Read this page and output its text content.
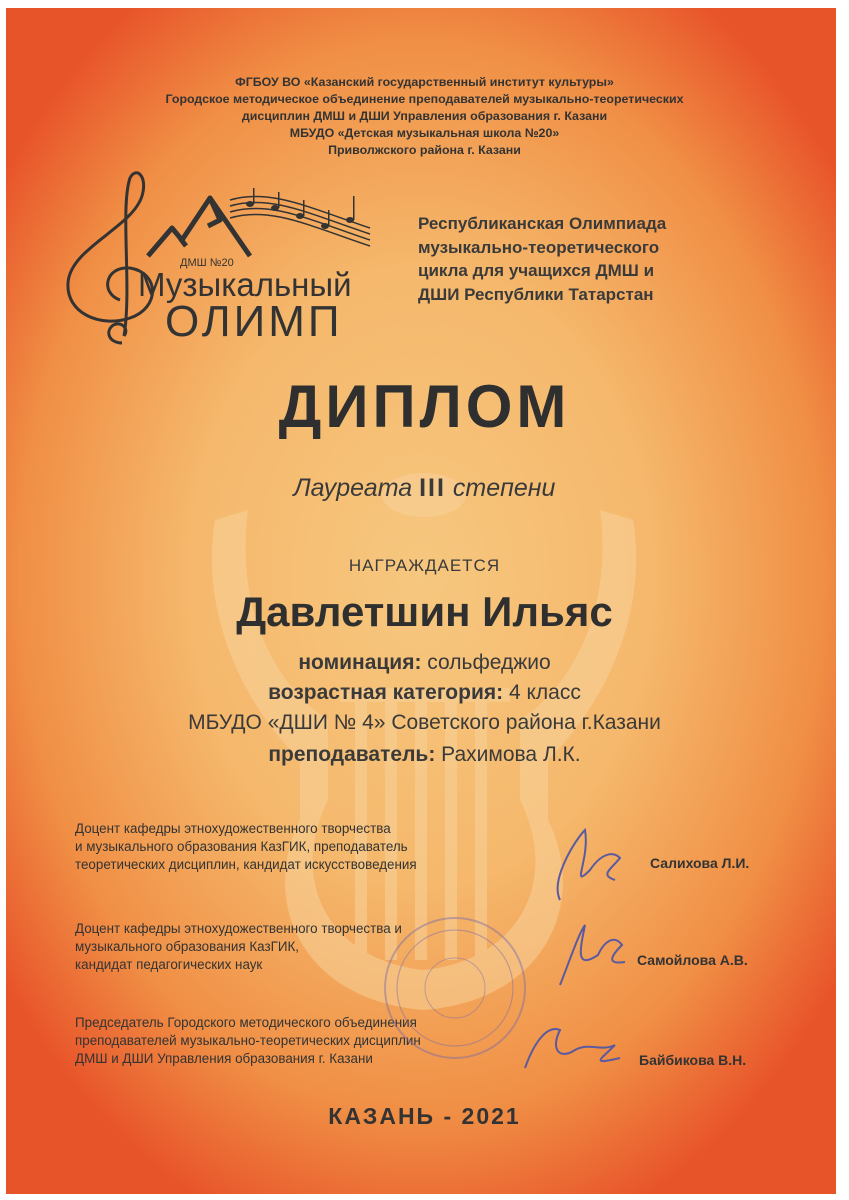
ФГБОУ ВО «Казанский государственный институт культуры»
Городское методическое объединение преподавателей музыкально-теоретических
дисциплин ДМШ и ДШИ Управления образования г. Казани
МБУДО «Детская музыкальная школа №20»
Приволжского района г. Казани
ДМШ №20
Музыкальный
ОЛИМП
Республиканская Олимпиада
музыкально-теоретического
цикла для учащихся ДМШ и
ДШИ Республики Татарстан
ДИПЛОМ
Лауреата III степени
НАГРАЖДАЕТСЯ
Давлетшин Ильяс
номинация: сольфеджио
возрастная категория: 4 класс
МБУДО «ДШИ № 4» Советского района г.Казани
преподаватель: Рахимова Л.К.
Доцент кафедры этнохудожественного творчества
и музыкального образования КазГИК, преподаватель
теоретических дисциплин, кандидат искусствоведения	Салихова Л.И.
Доцент кафедры этнохудожественного творчества и
музыкального образования КазГИК,
кандидат педагогических наук	Самойлова А.В.
Председатель Городского методического объединения
преподавателей музыкально-теоретических дисциплин
ДМШ и ДШИ Управления образования г. Казани	Байбикова В.Н.
КАЗАНЬ - 2021
